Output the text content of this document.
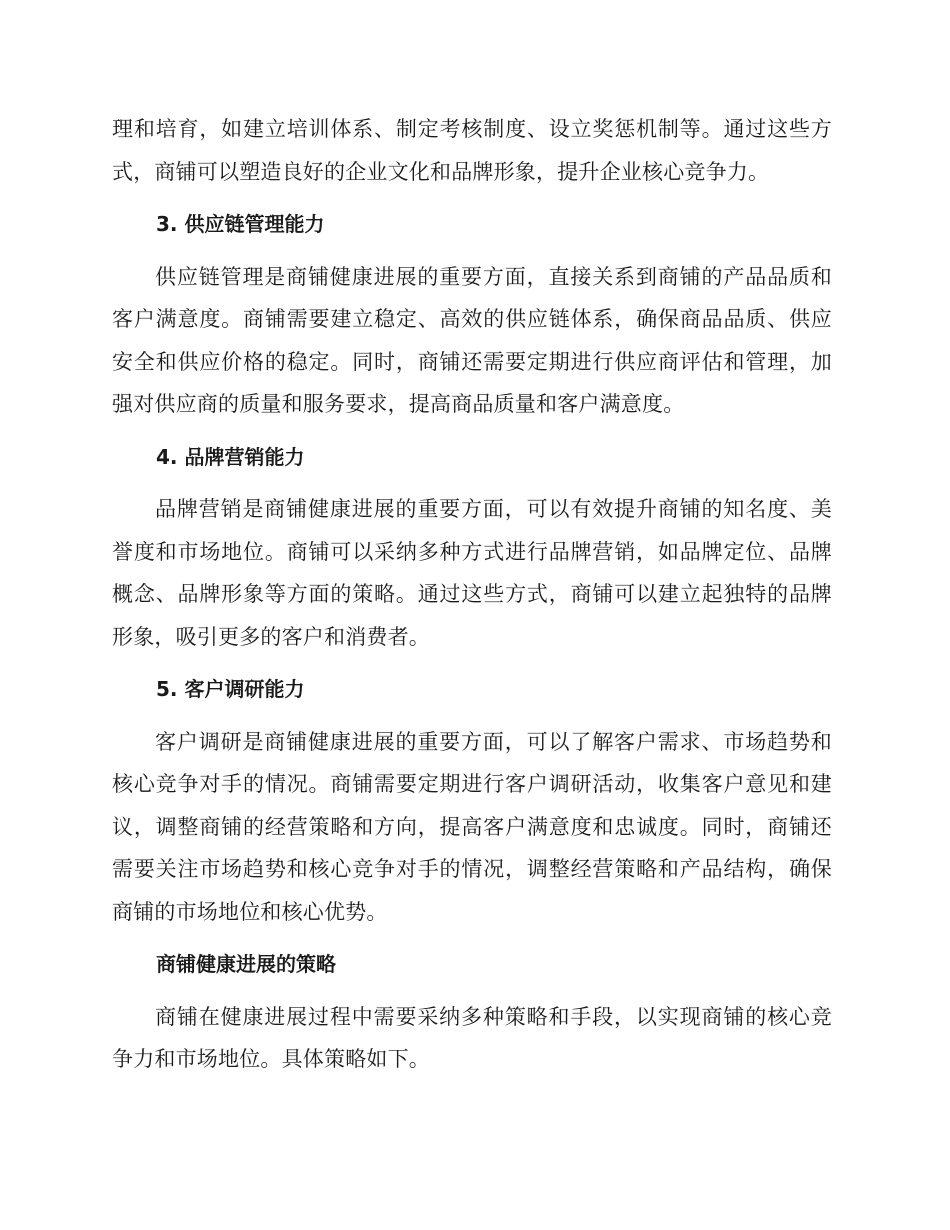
理和培育，如建立培训体系、制定考核制度、设立奖惩机制等。通过这些方式，商铺可以塑造良好的企业文化和品牌形象，提升企业核心竞争力。

3. 供应链管理能力

供应链管理是商铺健康进展的重要方面，直接关系到商铺的产品品质和客户满意度。商铺需要建立稳定、高效的供应链体系，确保商品品质、供应安全和供应价格的稳定。同时，商铺还需要定期进行供应商评估和管理，加强对供应商的质量和服务要求，提高商品质量和客户满意度。

4. 品牌营销能力

品牌营销是商铺健康进展的重要方面，可以有效提升商铺的知名度、美誉度和市场地位。商铺可以采纳多种方式进行品牌营销，如品牌定位、品牌概念、品牌形象等方面的策略。通过这些方式，商铺可以建立起独特的品牌形象，吸引更多的客户和消费者。

5. 客户调研能力

客户调研是商铺健康进展的重要方面，可以了解客户需求、市场趋势和核心竞争对手的情况。商铺需要定期进行客户调研活动，收集客户意见和建议，调整商铺的经营策略和方向，提高客户满意度和忠诚度。同时，商铺还需要关注市场趋势和核心竞争对手的情况，调整经营策略和产品结构，确保商铺的市场地位和核心优势。

商铺健康进展的策略

商铺在健康进展过程中需要采纳多种策略和手段，以实现商铺的核心竞争力和市场地位。具体策略如下。
